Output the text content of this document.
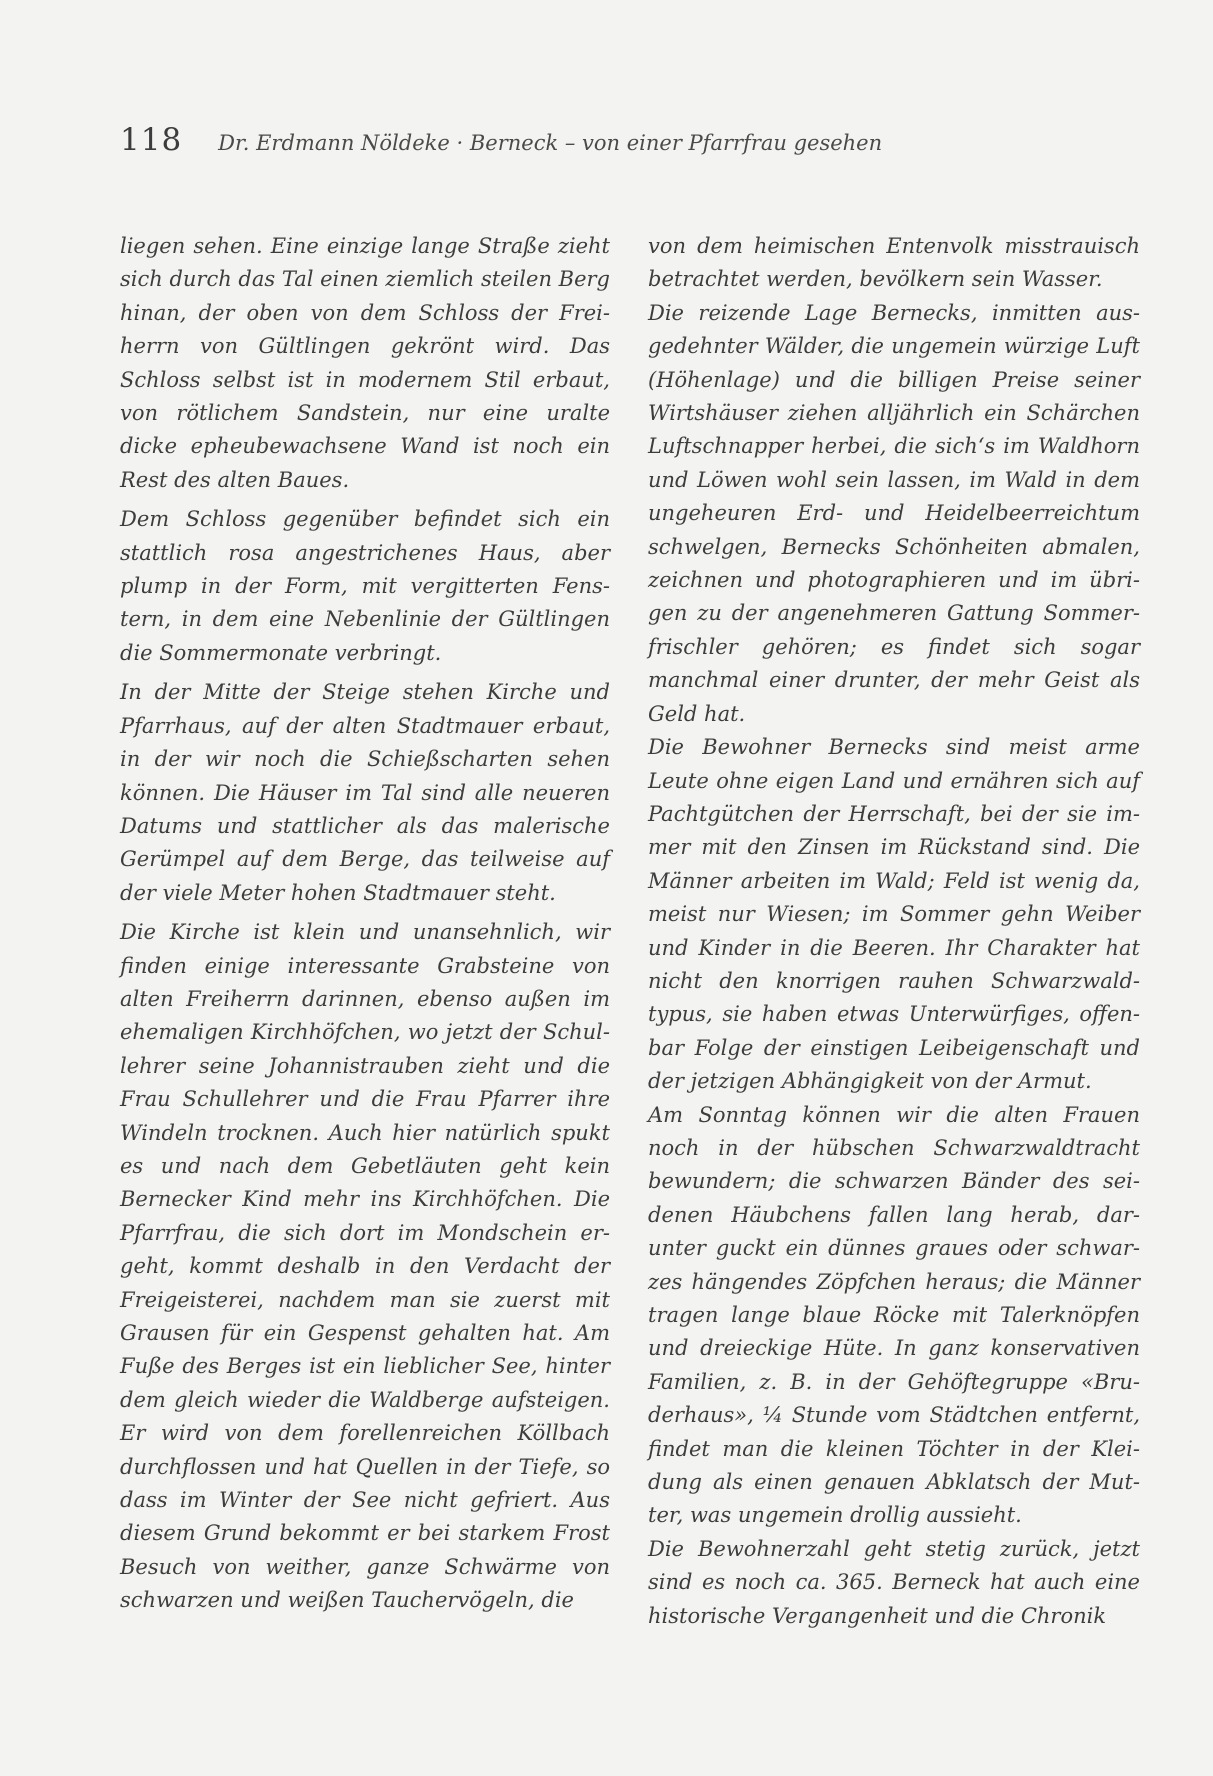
118 Dr. Erdmann Nöldeke · Berneck – von einer Pfarrfrau gesehen

liegen sehen. Eine einzige lange Straße zieht sich durch das Tal einen ziemlich steilen Berg hinan, der oben von dem Schloss der Frei-herrn von Gültlingen gekrönt wird. Das Schloss selbst ist in modernem Stil erbaut, von rötlichem Sandstein, nur eine uralte dicke epheubewachsene Wand ist noch ein Rest des alten Baues.

Dem Schloss gegenüber befindet sich ein stattlich rosa angestrichenes Haus, aber plump in der Form, mit vergitterten Fens-tern, in dem eine Nebenlinie der Gültlingen die Sommermonate verbringt.

In der Mitte der Steige stehen Kirche und Pfarrhaus, auf der alten Stadtmauer erbaut, in der wir noch die Schießscharten sehen können. Die Häuser im Tal sind alle neueren Datums und stattlicher als das malerische Gerümpel auf dem Berge, das teilweise auf der viele Meter hohen Stadtmauer steht.

Die Kirche ist klein und unansehnlich, wir finden einige interessante Grabsteine von alten Freiherrn darinnen, ebenso außen im ehemaligen Kirchhöfchen, wo jetzt der Schul-lehrer seine Johannistrauben zieht und die Frau Schullehrer und die Frau Pfarrer ihre Windeln trocknen. Auch hier natürlich spukt es und nach dem Gebetläuten geht kein Bernecker Kind mehr ins Kirchhöfchen. Die Pfarrfrau, die sich dort im Mondschein er-geht, kommt deshalb in den Verdacht der Freigeisterei, nachdem man sie zuerst mit Grausen für ein Gespenst gehalten hat. Am Fuße des Berges ist ein lieblicher See, hinter dem gleich wieder die Waldberge aufsteigen. Er wird von dem forellenreichen Köllbach durchflossen und hat Quellen in der Tiefe, so dass im Winter der See nicht gefriert. Aus diesem Grund bekommt er bei starkem Frost Besuch von weither, ganze Schwärme von schwarzen und weißen Tauchervögeln, die

von dem heimischen Entenvolk misstrauisch betrachtet werden, bevölkern sein Wasser.

Die reizende Lage Bernecks, inmitten aus-gedehnter Wälder, die ungemein würzige Luft (Höhenlage) und die billigen Preise seiner Wirtshäuser ziehen alljährlich ein Schärchen Luftschnapper herbei, die sich‘s im Waldhorn und Löwen wohl sein lassen, im Wald in dem ungeheuren Erd- und Heidelbeerreichtum schwelgen, Bernecks Schönheiten abmalen, zeichnen und photographieren und im übri-gen zu der angenehmeren Gattung Sommer-frischler gehören; es findet sich sogar manchmal einer drunter, der mehr Geist als Geld hat.

Die Bewohner Bernecks sind meist arme Leute ohne eigen Land und ernähren sich auf Pachtgütchen der Herrschaft, bei der sie im-mer mit den Zinsen im Rückstand sind. Die Männer arbeiten im Wald; Feld ist wenig da, meist nur Wiesen; im Sommer gehn Weiber und Kinder in die Beeren. Ihr Charakter hat nicht den knorrigen rauhen Schwarzwald-typus, sie haben etwas Unterwürfiges, offen-bar Folge der einstigen Leibeigenschaft und der jetzigen Abhängigkeit von der Armut.

Am Sonntag können wir die alten Frauen noch in der hübschen Schwarzwaldtracht bewundern; die schwarzen Bänder des sei-denen Häubchens fallen lang herab, dar-unter guckt ein dünnes graues oder schwar-zes hängendes Zöpfchen heraus; die Männer tragen lange blaue Röcke mit Talerknöpfen und dreieckige Hüte. In ganz konservativen Familien, z. B. in der Gehöftegruppe «Bru-derhaus», ¼ Stunde vom Städtchen entfernt, findet man die kleinen Töchter in der Klei-dung als einen genauen Abklatsch der Mut-ter, was ungemein drollig aussieht.

Die Bewohnerzahl geht stetig zurück, jetzt sind es noch ca. 365. Berneck hat auch eine historische Vergangenheit und die Chronik
